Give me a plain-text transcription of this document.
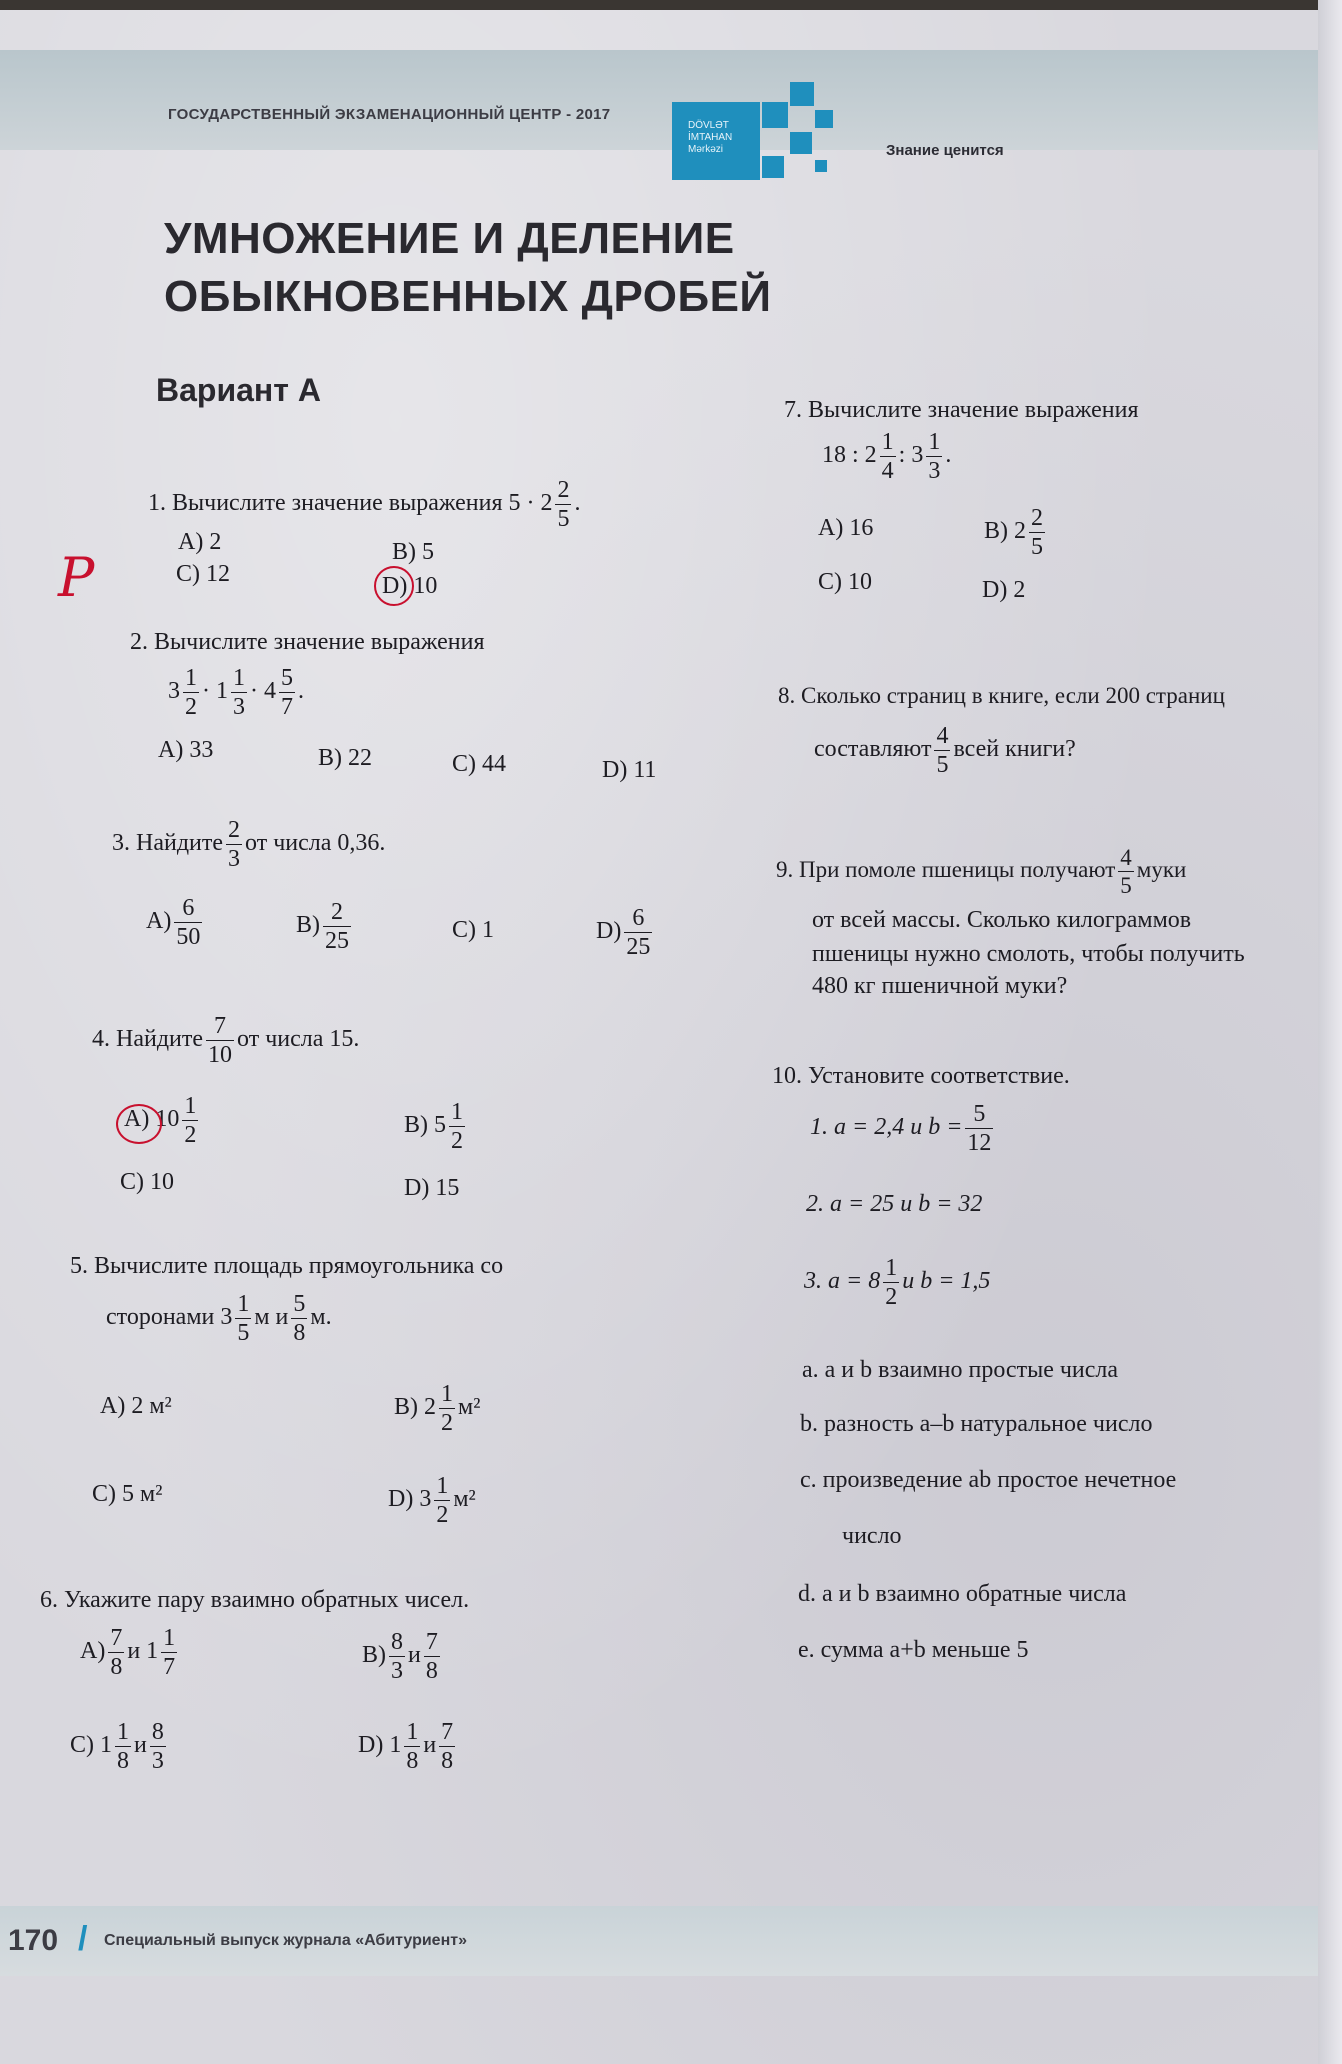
ГОСУДАРСТВЕННЫЙ ЭКЗАМЕНАЦИОННЫЙ ЦЕНТР - 2017
DÖVLƏT
İMTAHAN
Mərkəzi	Знание ценится
УМНОЖЕНИЕ И ДЕЛЕНИЕ
ОБЫКНОВЕННЫХ ДРОБЕЙ
Вариант А
P
1. Вычислите значение выражения $5 \cdot 2 \frac{2}{5}$ .
A) 2	B) 5
C) 12	D) 10
2. Вычислите значение выражения
$3 \frac{1}{2} \cdot 1 \frac{1}{3} \cdot 4 \frac{5}{7}$ .
A) 33	B) 22	C) 44	D) 11
3. Найдите $\frac{2}{3}$ от числа 0,36.
$A) \frac{6}{50}$	$B) \frac{2}{25}$	C) 1	$D) \frac{6}{25}$
4. Найдите $\frac{7}{10}$ от числа 15.
A) $10 \frac{1}{2}$	B) $5 \frac{1}{2}$
C) 10	D) 15
5. Вычислите площадь прямоугольника со
сторонами $3 \frac{1}{5}$ м и $\frac{5}{8} м$.
A) 2 м²	B) $2 \frac{1}{2} м^2$
C) 5 м²	D) $3 \frac{1}{2} м^2$
6. Укажите пару взаимно обратных чисел.
$A) \frac{7}{8}$ и $1 \frac{1}{7}$	$B) \frac{8}{3}$ и $\frac{7}{8}$
C) $1 \frac{1}{8}$ и $\frac{8}{3}$	D) $1 \frac{1}{8}$ и $\frac{7}{8}$
7. Вычислите значение выражения
18 : $2 \frac{1}{4}$ : $3 \frac{1}{3}$ .
A) 16	B) $2 \frac{2}{5}$
C) 10	D) 2
8. Сколько страниц в книге, если 200 страниц
составляют $\frac{4}{5}$ всей книги?
9. При помоле пшеницы получают $\frac{4}{5}$ муки
от всей массы. Сколько килограммов
пшеницы нужно смолоть, чтобы получить
480 кг пшеничной муки?
10. Установите соответствие.
1. a = 2,4 и $b = \frac{5}{12}$
2. a = 25 и b = 32
3. $a = 8 \frac{1}{2}$ и b = 1,5
a. a и b взаимно простые числа
b. разность a–b натуральное число
c. произведение ab простое нечетное
число
d. a и b взаимно обратные числа
e. сумма a+b меньше 5
170 / Специальный выпуск журнала «Абитуриент»
